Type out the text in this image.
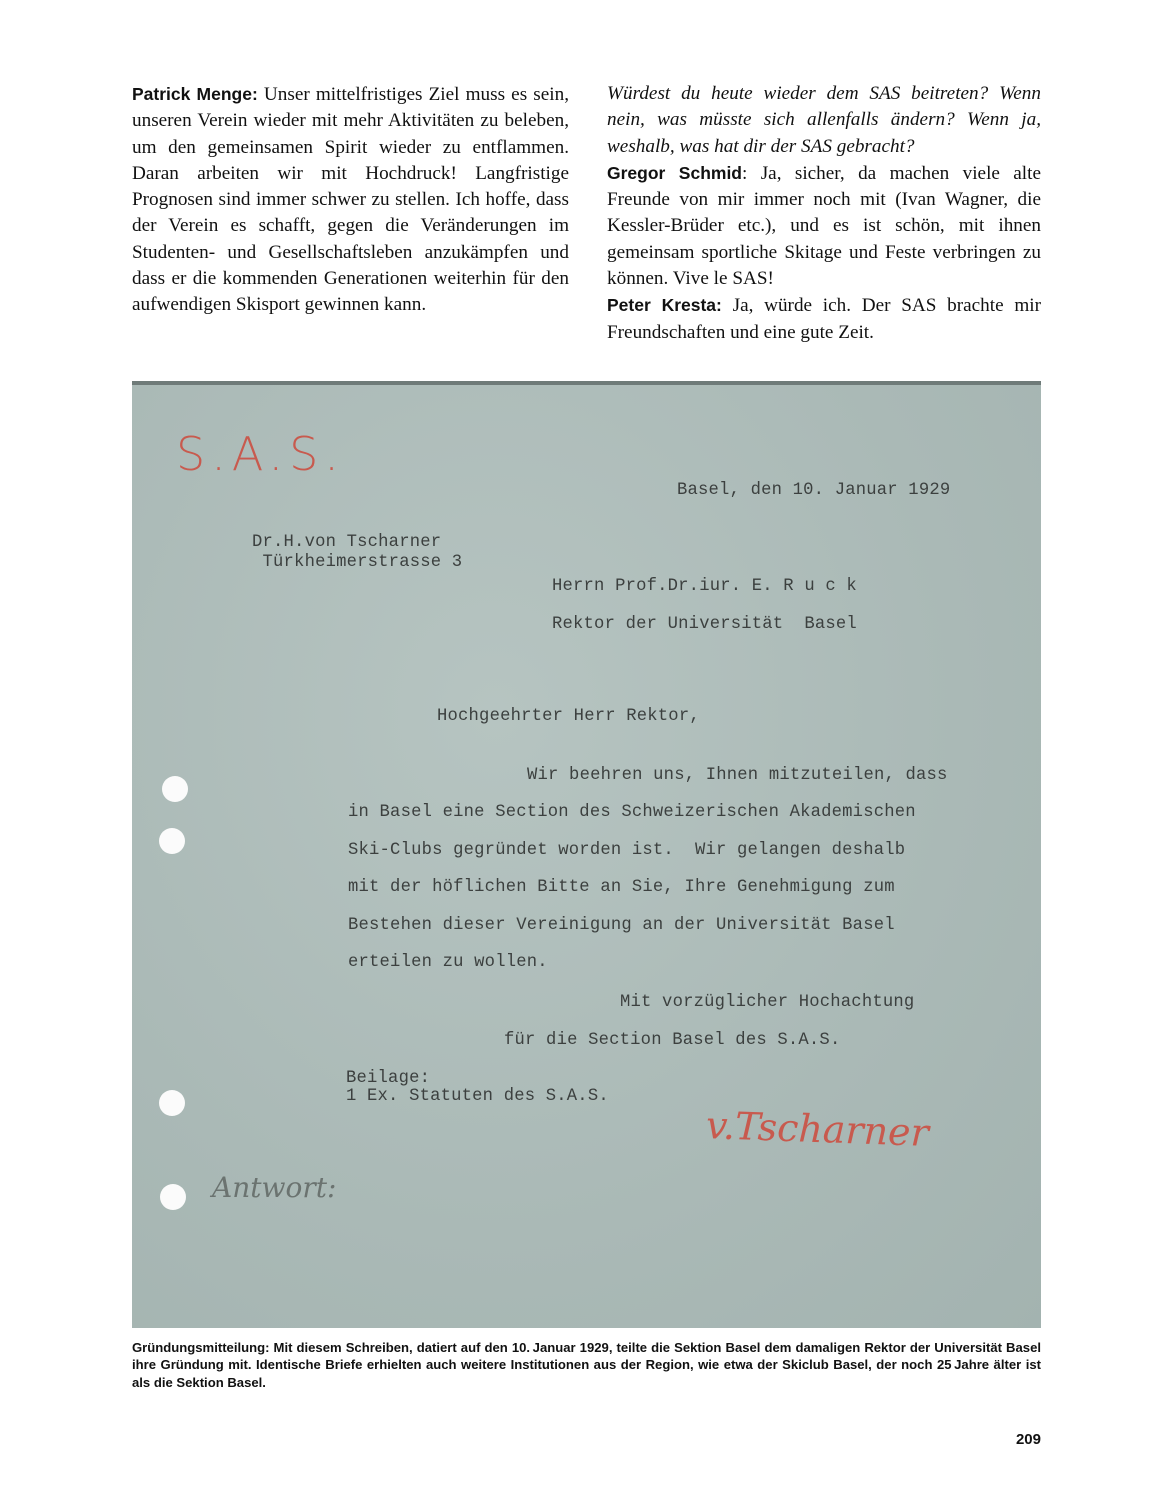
Patrick Menge: Unser mittelfristiges Ziel muss es sein, unseren Verein wieder mit mehr Aktivitäten zu beleben, um den gemeinsamen Spirit wieder zu entflammen. Daran arbeiten wir mit Hochdruck! Langfristige Prognosen sind immer schwer zu stellen. Ich hoffe, dass der Verein es schafft, gegen die Veränderungen im Studenten- und Gesellschaftsleben anzukämpfen und dass er die kommenden Generationen weiterhin für den aufwendigen Skisport gewinnen kann.

Würdest du heute wieder dem SAS beitreten? Wenn nein, was müsste sich allenfalls ändern? Wenn ja, weshalb, was hat dir der SAS gebracht?

Gregor Schmid: Ja, sicher, da machen viele alte Freunde von mir immer noch mit (Ivan Wagner, die Kessler-Brüder etc.), und es ist schön, mit ihnen gemeinsam sportliche Skitage und Feste verbringen zu können. Vive le SAS!

Peter Kresta: Ja, würde ich. Der SAS brachte mir Freundschaften und eine gute Zeit.

S.A.S.
Basel, den 10. Januar 1929
Dr.H.von Tscharner
Türkheimerstrasse 3
Herrn Prof.Dr.iur. E. R u c k
Rektor der Universität  Basel
Hochgeehrter Herr Rektor,
Wir beehren uns, Ihnen mitzuteilen, dass
in Basel eine Section des Schweizerischen Akademischen
Ski-Clubs gegründet worden ist.  Wir gelangen deshalb
mit der höflichen Bitte an Sie, Ihre Genehmigung zum
Bestehen dieser Vereinigung an der Universität Basel
erteilen zu wollen.
Mit vorzüglicher Hochachtung
für die Section Basel des S.A.S.
Beilage:
1 Ex. Statuten des S.A.S.
v.Tscharner
Antwort:
Gründungsmitteilung: Mit diesem Schreiben, datiert auf den 10. Januar 1929, teilte die Sektion Basel dem damaligen Rektor der Universität Basel ihre Gründung mit. Identische Briefe erhielten auch weitere Institutionen aus der Region, wie etwa der Skiclub Basel, der noch 25 Jahre älter ist als die Sektion Basel.
209
